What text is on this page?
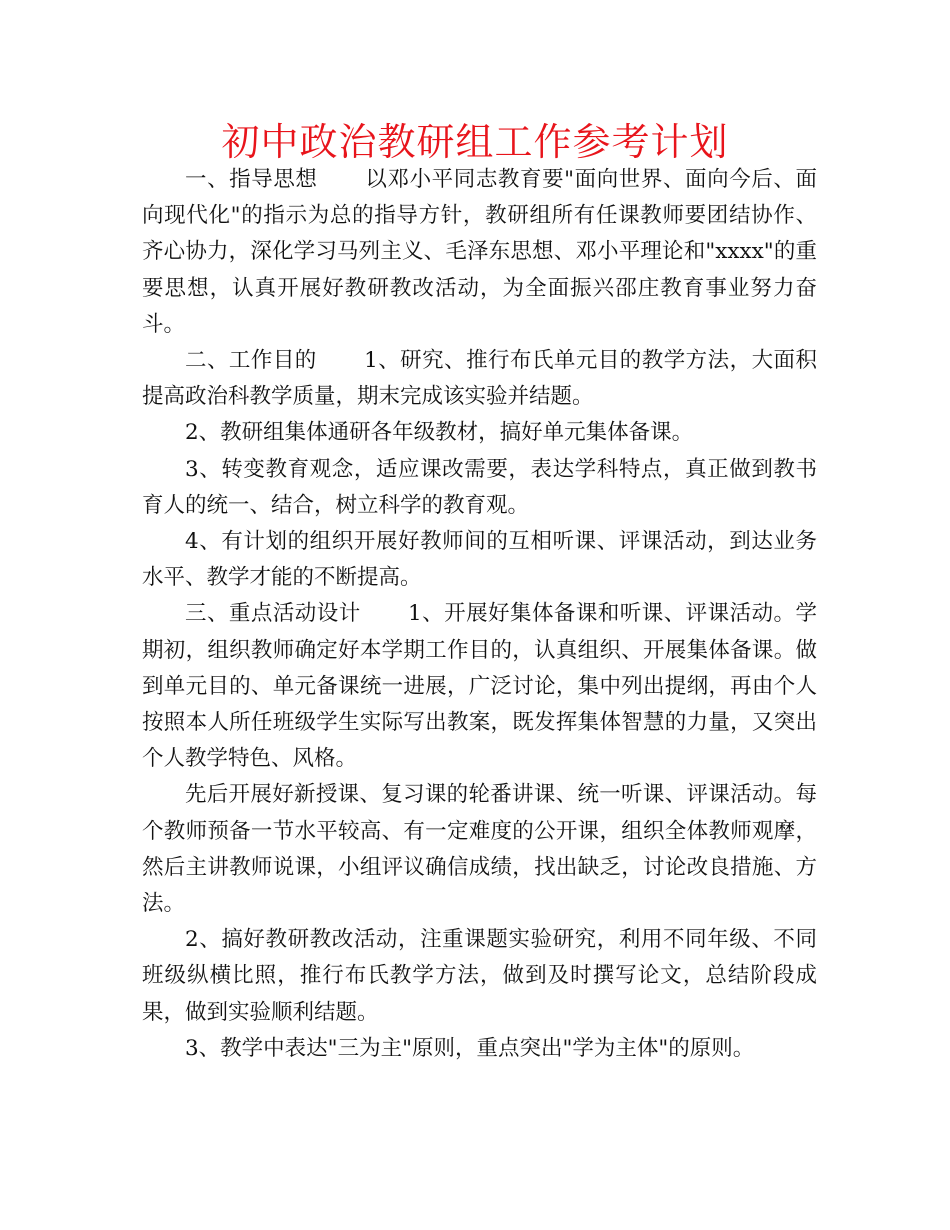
初中政治教研组工作参考计划

一、指导思想 以邓小平同志教育要"面向世界、面向今后、面向现代化"的指示为总的指导方针，教研组所有任课教师要团结协作、齐心协力，深化学习马列主义、毛泽东思想、邓小平理论和"xxxx"的重要思想，认真开展好教研教改活动，为全面振兴邵庄教育事业努力奋斗。

二、工作目的 1、研究、推行布氏单元目的教学方法，大面积提高政治科教学质量，期末完成该实验并结题。

2、教研组集体通研各年级教材，搞好单元集体备课。

3、转变教育观念，适应课改需要，表达学科特点，真正做到教书育人的统一、结合，树立科学的教育观。

4、有计划的组织开展好教师间的互相听课、评课活动，到达业务水平、教学才能的不断提高。

三、重点活动设计 1、开展好集体备课和听课、评课活动。学期初，组织教师确定好本学期工作目的，认真组织、开展集体备课。做到单元目的、单元备课统一进展，广泛讨论，集中列出提纲，再由个人按照本人所任班级学生实际写出教案，既发挥集体智慧的力量，又突出个人教学特色、风格。

先后开展好新授课、复习课的轮番讲课、统一听课、评课活动。每个教师预备一节水平较高、有一定难度的公开课，组织全体教师观摩，然后主讲教师说课，小组评议确信成绩，找出缺乏，讨论改良措施、方法。

2、搞好教研教改活动，注重课题实验研究，利用不同年级、不同班级纵横比照，推行布氏教学方法，做到及时撰写论文，总结阶段成果，做到实验顺利结题。

3、教学中表达"三为主"原则，重点突出"学为主体"的原则。
